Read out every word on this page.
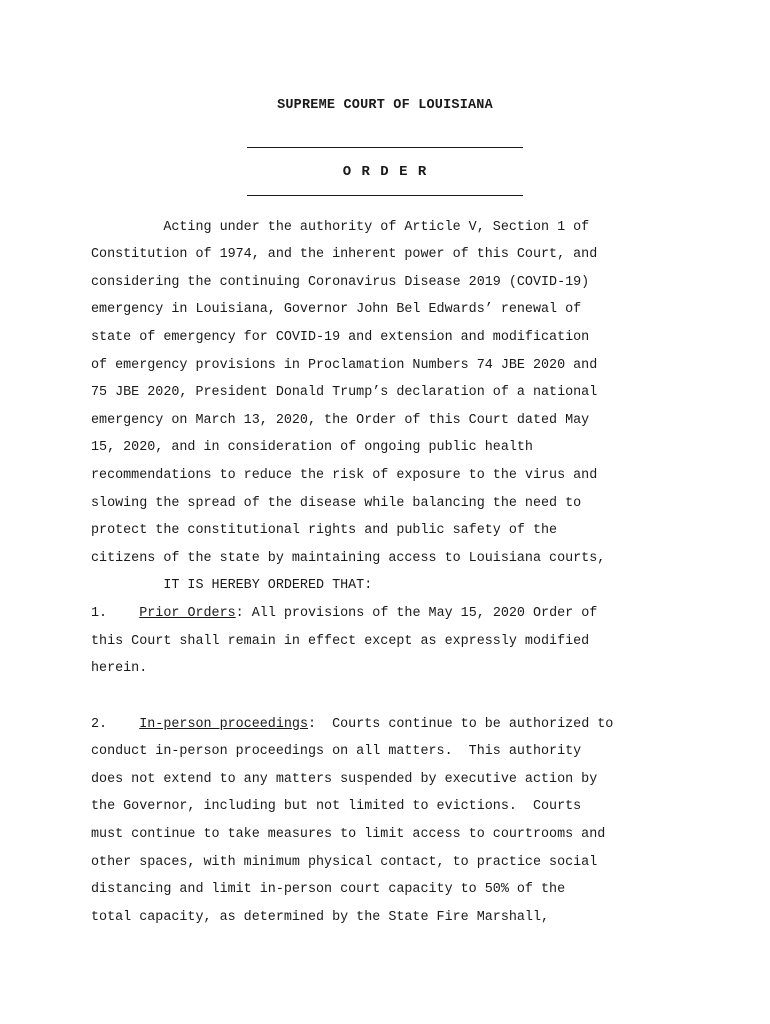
SUPREME COURT OF LOUISIANA
O R D E R
Acting under the authority of Article V, Section 1 of
Constitution of 1974, and the inherent power of this Court, and
considering the continuing Coronavirus Disease 2019 (COVID-19)
emergency in Louisiana, Governor John Bel Edwards’ renewal of
state of emergency for COVID-19 and extension and modification
of emergency provisions in Proclamation Numbers 74 JBE 2020 and
75 JBE 2020, President Donald Trump’s declaration of a national
emergency on March 13, 2020, the Order of this Court dated May
15, 2020, and in consideration of ongoing public health
recommendations to reduce the risk of exposure to the virus and
slowing the spread of the disease while balancing the need to
protect the constitutional rights and public safety of the
citizens of the state by maintaining access to Louisiana courts,
IT IS HEREBY ORDERED THAT:
1. Prior Orders: All provisions of the May 15, 2020 Order of
this Court shall remain in effect except as expressly modified
herein.
2. In-person proceedings:  Courts continue to be authorized to
conduct in-person proceedings on all matters.  This authority
does not extend to any matters suspended by executive action by
the Governor, including but not limited to evictions.  Courts
must continue to take measures to limit access to courtrooms and
other spaces, with minimum physical contact, to practice social
distancing and limit in-person court capacity to 50% of the
total capacity, as determined by the State Fire Marshall,
